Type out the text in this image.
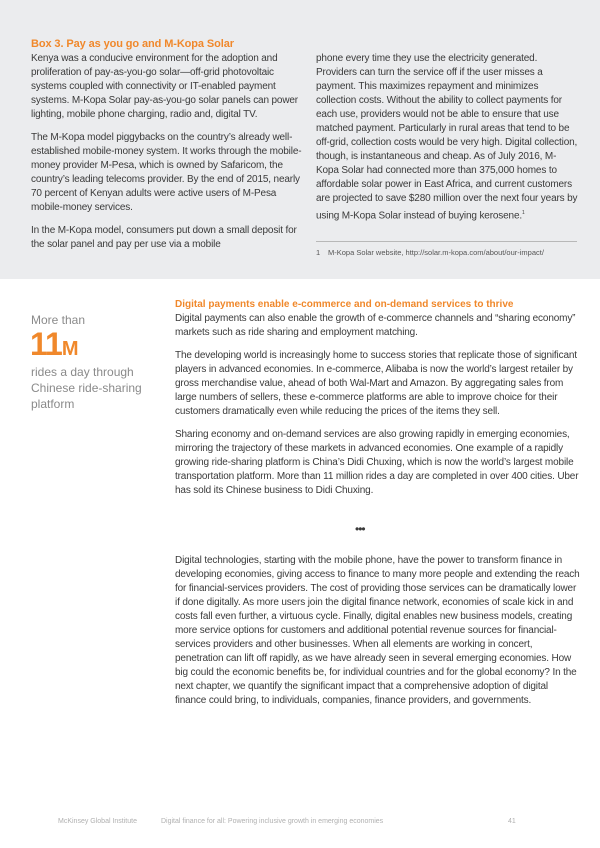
Box 3. Pay as you go and M-Kopa Solar

Kenya was a conducive environment for the adoption and proliferation of pay-as-you-go solar—off-grid photovoltaic systems coupled with connectivity or IT-enabled payment systems. M-Kopa Solar pay-as-you-go solar panels can power lighting, mobile phone charging, radio and, digital TV.

The M-Kopa model piggybacks on the country’s already well-established mobile-money system. It works through the mobile-money provider M-Pesa, which is owned by Safaricom, the country’s leading telecoms provider. By the end of 2015, nearly 70 percent of Kenyan adults were active users of M-Pesa mobile-money services.

In the M-Kopa model, consumers put down a small deposit for the solar panel and pay per use via a mobile

phone every time they use the electricity generated. Providers can turn the service off if the user misses a payment. This maximizes repayment and minimizes collection costs. Without the ability to collect payments for each use, providers would not be able to ensure that use matched payment. Particularly in rural areas that tend to be off-grid, collection costs would be very high. Digital collection, though, is instantaneous and cheap. As of July 2016, M-Kopa Solar had connected more than 375,000 homes to affordable solar power in East Africa, and current customers are projected to save $280 million over the next four years by using M-Kopa Solar instead of buying kerosene.$^1$

1 M-Kopa Solar website, http://solar.m-kopa.com/about/our-impact/
More than
11M
rides a day through Chinese ride-sharing platform
Digital payments enable e-commerce and on-demand services to thrive

Digital payments can also enable the growth of e-commerce channels and “sharing economy” markets such as ride sharing and employment matching.

The developing world is increasingly home to success stories that replicate those of significant players in advanced economies. In e-commerce, Alibaba is now the world’s largest retailer by gross merchandise value, ahead of both Wal-Mart and Amazon. By aggregating sales from large numbers of sellers, these e-commerce platforms are able to improve choice for their customers dramatically even while reducing the prices of the items they sell.

Sharing economy and on-demand services are also growing rapidly in emerging economies, mirroring the trajectory of these markets in advanced economies. One example of a rapidly growing ride-sharing platform is China’s Didi Chuxing, which is now the world’s largest mobile transportation platform. More than 11 million rides a day are completed in over 400 cities. Uber has sold its Chinese business to Didi Chuxing.

•••
Digital technologies, starting with the mobile phone, have the power to transform finance in developing economies, giving access to finance to many more people and extending the reach for financial-services providers. The cost of providing those services can be dramatically lower if done digitally. As more users join the digital finance network, economies of scale kick in and costs fall even further, a virtuous cycle. Finally, digital enables new business models, creating more service options for customers and additional potential revenue sources for financial-services providers and other businesses. When all elements are working in concert, penetration can lift off rapidly, as we have already seen in several emerging economies. How big could the economic benefits be, for individual countries and for the global economy? In the next chapter, we quantify the significant impact that a comprehensive adoption of digital finance could bring, to individuals, companies, finance providers, and governments.
McKinsey Global Institute	Digital finance for all: Powering inclusive growth in emerging economies	41
